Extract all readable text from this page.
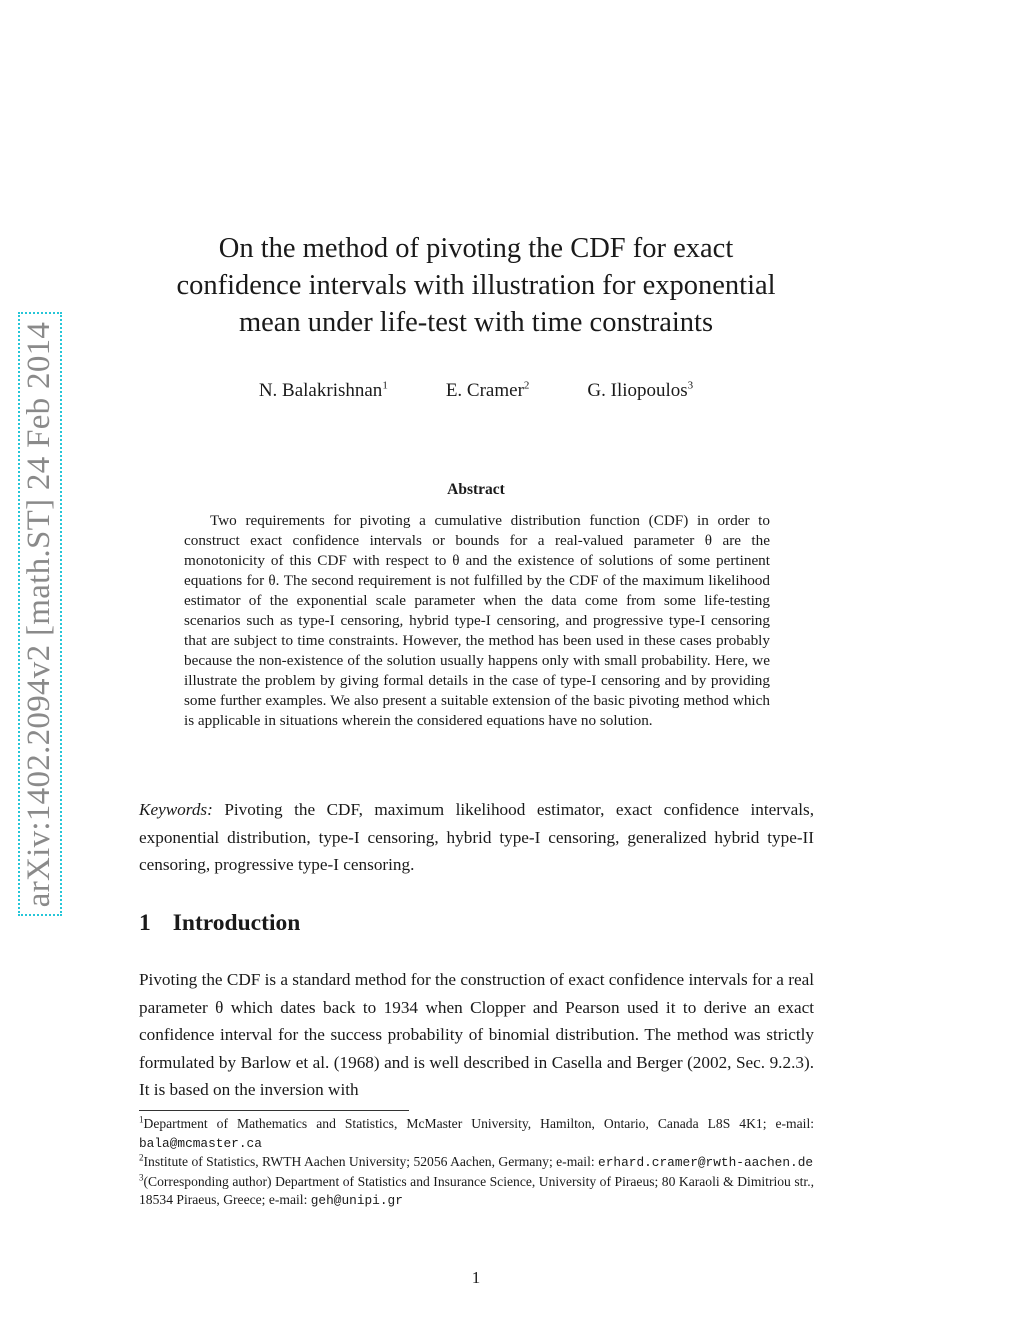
arXiv:1402.2094v2 [math.ST] 24 Feb 2014
On the method of pivoting the CDF for exact
confidence intervals with illustration for exponential
mean under life-test with time constraints
N. Balakrishnan$^1$	E. Cramer$^2$	G. Iliopoulos$^3$
Abstract

Two requirements for pivoting a cumulative distribution function (CDF) in order to construct exact confidence intervals or bounds for a real-valued parameter θ are the monotonicity of this CDF with respect to θ and the existence of solutions of some pertinent equations for θ. The second requirement is not fulfilled by the CDF of the maximum likelihood estimator of the exponential scale parameter when the data come from some life-testing scenarios such as type-I censoring, hybrid type-I censoring, and progressive type-I censoring that are subject to time constraints. However, the method has been used in these cases probably because the non-existence of the solution usually happens only with small probability. Here, we illustrate the problem by giving formal details in the case of type-I censoring and by providing some further examples. We also present a suitable extension of the basic pivoting method which is applicable in situations wherein the considered equations have no solution.

Keywords: Pivoting the CDF, maximum likelihood estimator, exact confidence intervals, exponential distribution, type-I censoring, hybrid type-I censoring, generalized hybrid type-II censoring, progressive type-I censoring.

1 Introduction

Pivoting the CDF is a standard method for the construction of exact confidence intervals for a real parameter θ which dates back to 1934 when Clopper and Pearson used it to derive an exact confidence interval for the success probability of binomial distribution. The method was strictly formulated by Barlow et al. (1968) and is well described in Casella and Berger (2002, Sec. 9.2.3). It is based on the inversion with

$^1$Department of Mathematics and Statistics, McMaster University, Hamilton, Ontario, Canada L8S 4K1; e-mail: bala@mcmaster.ca

$^2$Institute of Statistics, RWTH Aachen University; 52056 Aachen, Germany; e-mail: erhard.cramer@rwth-aachen.de

$^3$(Corresponding author) Department of Statistics and Insurance Science, University of Piraeus; 80 Karaoli & Dimitriou str., 18534 Piraeus, Greece; e-mail: geh@unipi.gr

1
